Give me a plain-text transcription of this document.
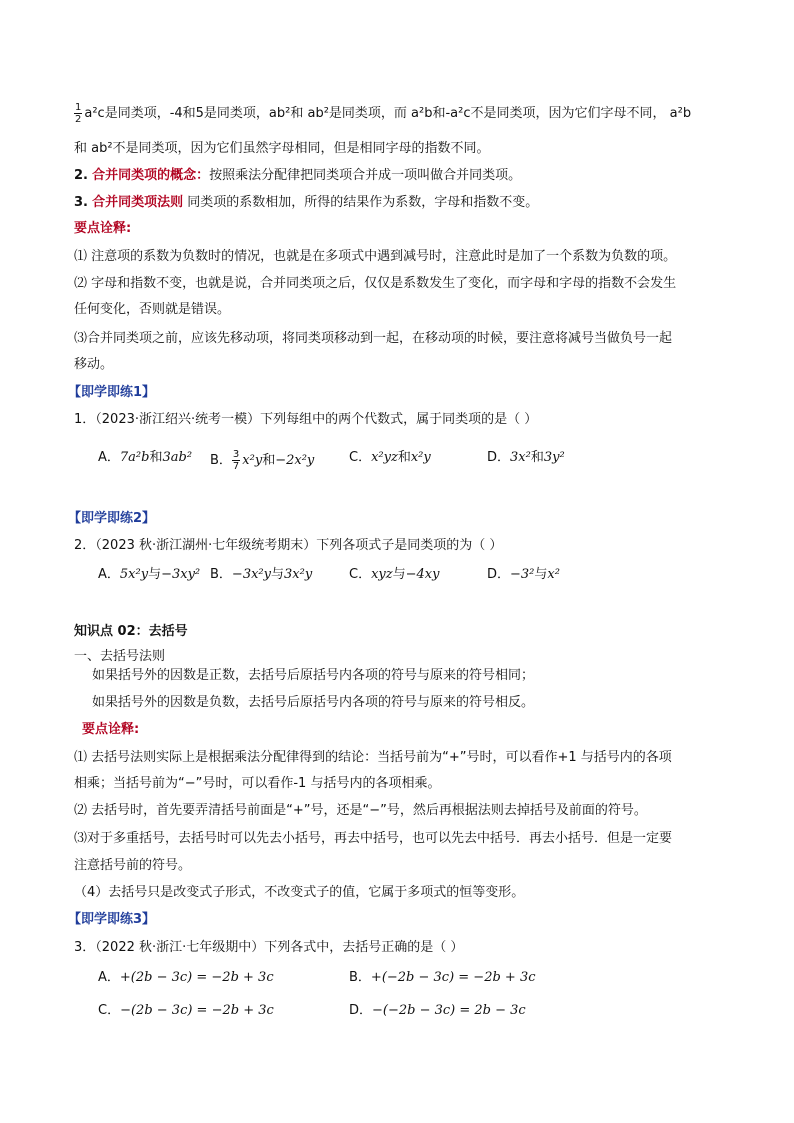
$\frac{1}{2} a^2c$是同类项，-4和5是同类项，ab²和 ab²是同类项，而 a²b和-a²c不是同类项，因为它们字母不同， a²b
和 ab²不是同类项，因为它们虽然字母相同，但是相同字母的指数不同。
2. 合并同类项的概念：按照乘法分配律把同类项合并成一项叫做合并同类项。
3. 合并同类项法则 同类项的系数相加，所得的结果作为系数，字母和指数不变。
要点诠释:
⑴ 注意项的系数为负数时的情况，也就是在多项式中遇到减号时，注意此时是加了一个系数为负数的项。
⑵ 字母和指数不变，也就是说，合并同类项之后，仅仅是系数发生了变化，而字母和字母的指数不会发生
任何变化，否则就是错误。
⑶合并同类项之前，应该先移动项，将同类项移动到一起，在移动项的时候，要注意将减号当做负号一起
移动。
【即学即练1】
1．（2023·浙江绍兴·统考一模）下列每组中的两个代数式，属于同类项的是（ ）
A．7a²b和3ab² B． $\frac{3}{7} x^2y$和−2x²y	C．x²yz和x²y	D．3x²和3y²
【即学即练2】
2．（2023 秋·浙江湖州·七年级统考期末）下列各项式子是同类项的为（ ）
A．5x²y与−3xy² B．−3x²y与3x²y	C．xyz与−4xy	D．−3²与x²
知识点 02：去括号
一、去括号法则
如果括号外的因数是正数，去括号后原括号内各项的符号与原来的符号相同；
如果括号外的因数是负数，去括号后原括号内各项的符号与原来的符号相反。
要点诠释:
⑴ 去括号法则实际上是根据乘法分配律得到的结论：当括号前为“+”号时，可以看作+1 与括号内的各项
相乘；当括号前为“−”号时，可以看作-1 与括号内的各项相乘。
⑵ 去括号时，首先要弄清括号前面是“+”号，还是“−”号，然后再根据法则去掉括号及前面的符号。
⑶对于多重括号，去括号时可以先去小括号，再去中括号，也可以先去中括号．再去小括号．但是一定要
注意括号前的符号。
（4）去括号只是改变式子形式，不改变式子的值，它属于多项式的恒等变形。
【即学即练3】
3．（2022 秋·浙江·七年级期中）下列各式中，去括号正确的是（ ）
A．+(2b − 3c) = −2b + 3c	B．+(−2b − 3c) = −2b + 3c
C．−(2b − 3c) = −2b + 3c	D．−(−2b − 3c) = 2b − 3c
